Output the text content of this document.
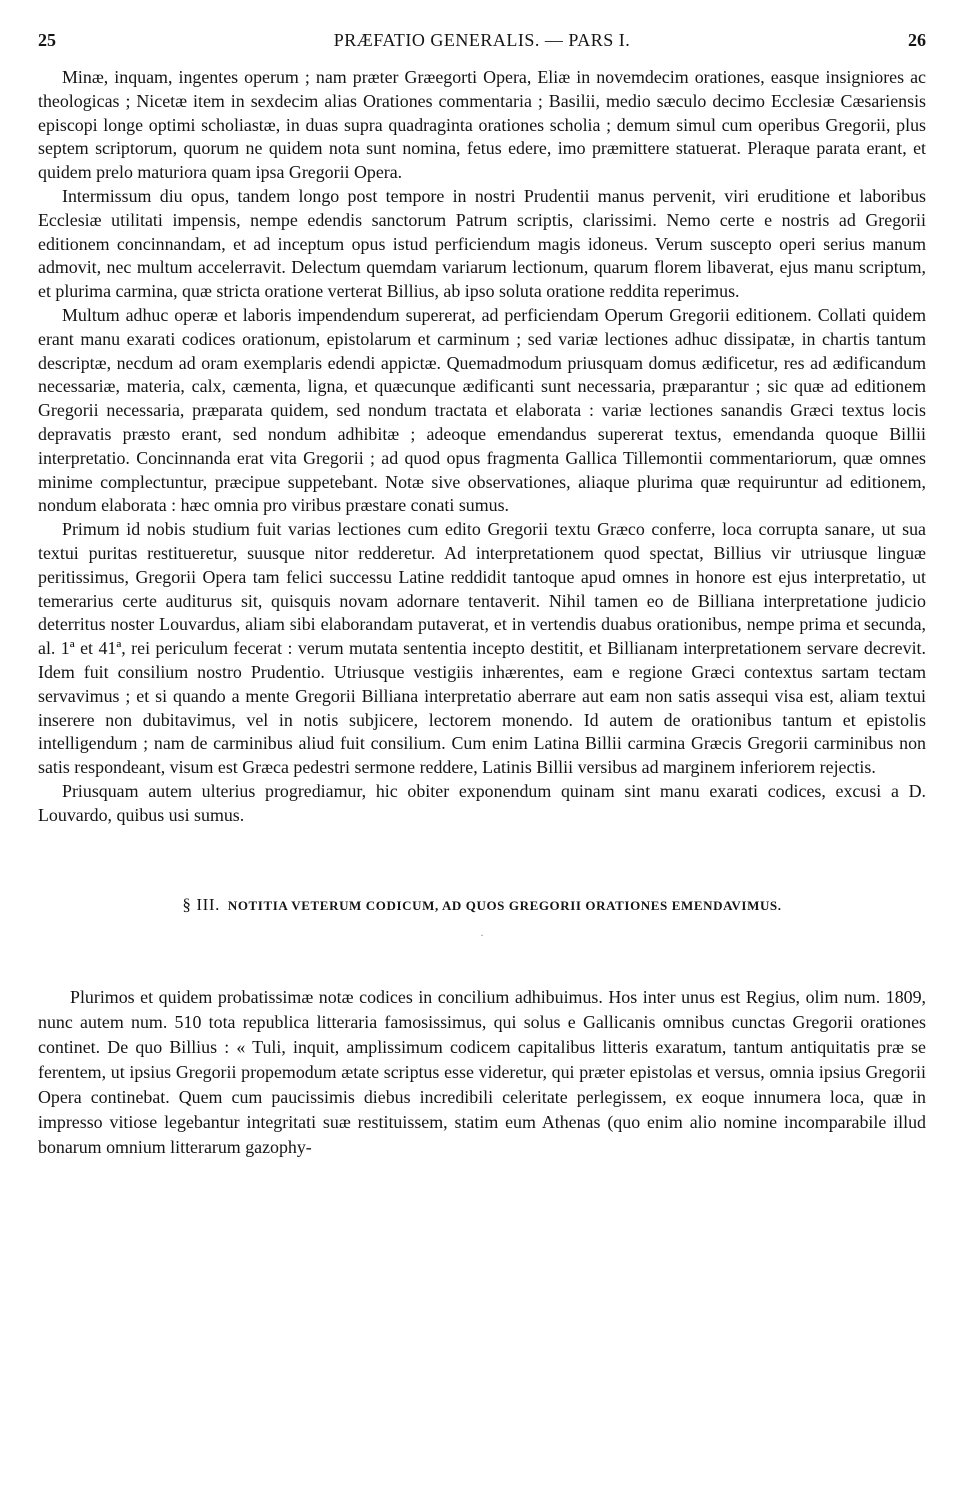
25	PRÆFATIO GENERALIS. — PARS I.	26

Minæ, inquam, ingentes operum ; nam præter Græegorti Opera, Eliæ in novemdecim orationes, easque insigniores ac theologicas ; Nicetæ item in sexdecim alias Orationes commentaria ; Basilii, medio sæculo decimo Ecclesiæ Cæsariensis episcopi longe optimi scholiastæ, in duas supra quadraginta orationes scholia ; demum simul cum operibus Gregorii, plus septem scriptorum, quorum ne quidem nota sunt nomina, fetus edere, imo præmittere statuerat. Pleraque parata erant, et quidem prelo maturiora quam ipsa Gregorii Opera.

Intermissum diu opus, tandem longo post tempore in nostri Prudentii manus pervenit, viri eruditione et laboribus Ecclesiæ utilitati impensis, nempe edendis sanctorum Patrum scriptis, clarissimi. Nemo certe e nostris ad Gregorii editionem concinnandam, et ad inceptum opus istud perficiendum magis idoneus. Verum suscepto operi serius manum admovit, nec multum accelerravit. Delectum quemdam variarum lectionum, quarum florem libaverat, ejus manu scriptum, et plurima carmina, quæ stricta oratione verterat Billius, ab ipso soluta oratione reddita reperimus.

Multum adhuc operæ et laboris impendendum supererat, ad perficiendam Operum Gregorii editionem. Collati quidem erant manu exarati codices orationum, epistolarum et carminum ; sed variæ lectiones adhuc dissipatæ, in chartis tantum descriptæ, necdum ad oram exemplaris edendi appictæ. Quemadmodum priusquam domus ædificetur, res ad ædificandum necessariæ, materia, calx, cæmenta, ligna, et quæcunque ædificanti sunt necessaria, præparantur ; sic quæ ad editionem Gregorii necessaria, præparata quidem, sed nondum tractata et elaborata : variæ lectiones sanandis Græci textus locis depravatis præsto erant, sed nondum adhibitæ ; adeoque emendandus supererat textus, emendanda quoque Billii interpretatio. Concinnanda erat vita Gregorii ; ad quod opus fragmenta Gallica Tillemontii commentariorum, quæ omnes minime complectuntur, præcipue suppetebant. Notæ sive observationes, aliaque plurima quæ requiruntur ad editionem, nondum elaborata : hæc omnia pro viribus præstare conati sumus.

Primum id nobis studium fuit varias lectiones cum edito Gregorii textu Græco conferre, loca corrupta sanare, ut sua textui puritas restitueretur, suusque nitor redderetur. Ad interpretationem quod spectat, Billius vir utriusque linguæ peritissimus, Gregorii Opera tam felici successu Latine reddidit tantoque apud omnes in honore est ejus interpretatio, ut temerarius certe auditurus sit, quisquis novam adornare tentaverit. Nihil tamen eo de Billiana interpretatione judicio deterritus noster Louvardus, aliam sibi elaborandam putaverat, et in vertendis duabus orationibus, nempe prima et secunda, al. 1ª et 41ª, rei periculum fecerat : verum mutata sententia incepto destitit, et Billianam interpretationem servare decrevit. Idem fuit consilium nostro Prudentio. Utriusque vestigiis inhærentes, eam e regione Græci contextus sartam tectam servavimus ; et si quando a mente Gregorii Billiana interpretatio aberrare aut eam non satis assequi visa est, aliam textui inserere non dubitavimus, vel in notis subjicere, lectorem monendo. Id autem de orationibus tantum et epistolis intelligendum ; nam de carminibus aliud fuit consilium. Cum enim Latina Billii carmina Græcis Gregorii carminibus non satis respondeant, visum est Græca pedestri sermone reddere, Latinis Billii versibus ad marginem inferiorem rejectis.

Priusquam autem ulterius progrediamur, hic obiter exponendum quinam sint manu exarati codices, excusi a D. Louvardo, quibus usi sumus.

§ III. NOTITIA VETERUM CODICUM, AD QUOS GREGORII ORATIONES EMENDAVIMUS.
·

Plurimos et quidem probatissimæ notæ codices in concilium adhibuimus. Hos inter unus est Regius, olim num. 1809, nunc autem num. 510 tota republica litteraria famosissimus, qui solus e Gallicanis omnibus cunctas Gregorii orationes continet. De quo Billius : « Tuli, inquit, amplissimum codicem capitalibus litteris exaratum, tantum antiquitatis præ se ferentem, ut ipsius Gregorii propemodum ætate scriptus esse videretur, qui præter epistolas et versus, omnia ipsius Gregorii Opera continebat. Quem cum paucissimis diebus incredibili celeritate perlegissem, ex eoque innumera loca, quæ in impresso vitiose legebantur integritati suæ restituissem, statim eum Athenas (quo enim alio nomine incomparabile illud bonarum omnium litterarum gazophy-
